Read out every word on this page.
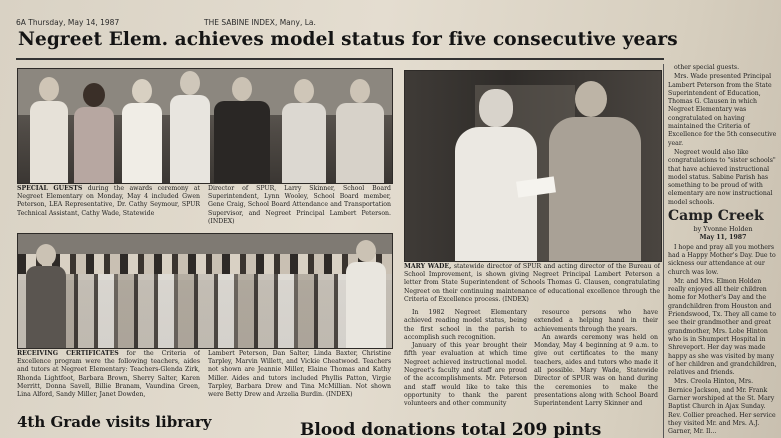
6A Thursday, May 14, 1987	THE SABINE INDEX, Many, La.
Negreet Elem. achieves model status for five consecutive years
SPECIAL GUESTS during the awards ceremony at Negreet Elementary on Monday, May 4 included Gwen Peterson, LEA Representative, Dr. Cathy Seymour, SPUR Technical Assistant, Cathy Wade, Statewide
Director of SPUR, Larry Skinner, School Board Superintendent, Lynn Wooley, School Board member, Gene Craig, School Board Attendance and Transportation Supervisor, and Negreet Principal Lambert Peterson. (INDEX)
RECEIVING CERTIFICATES for the Criteria of Excellence program were the following teachers, aides and tutors at Negreet Elementary: Teachers-Glenda Zirk, Rhonda Lightfoot, Barbara Brown, Sherry Salter, Karen Merritt, Donna Savell, Billie Branam, Vaundina Green, Lina Alford, Sandy Miller, Janet Dowden,
Lambert Peterson, Dan Salter, Linda Baxter, Christine Tarpley, Marvin Willett, and Vickie Cheatwood. Teachers not shown are Jeannie Miller, Elaine Thomas and Kathy Miller. Aides and tutors included Phyllis Patton, Virgie Tarpley, Barbara Drew and Tina McMillian. Not shown were Betty Drew and Arzelia Burdin. (INDEX)
MARY WADE, statewide director of SPUR and acting director of the Bureau of School Improvement, is shown giving Negreet Principal Lambert Peterson a letter from State Superintendent of Schools Thomas G. Clausen, congratulating Negreet on their continuing maintenance of educational excellence through the Criteria of Excellence process. (INDEX)

In 1982 Negreet Elementary achieved reading model status, being the first school in the parish to accomplish such recognition.

January of this year brought their fifth year evaluation at which time Negreet achieved instructional model. Negreet's faculty and staff are proud of the accomplishments. Mr. Peterson and staff would like to take this opportunity to thank the parent volunteers and other community

resource persons who have extended a helping hand in their achievements through the years.

An awards ceremony was held on Monday, May 4 beginning at 9 a.m. to give out certificates to the many teachers, aides and tutors who made it all possible. Mary Wade, Statewide Director of SPUR was on hand during the ceremonies to make the presentations along with School Board Superintendent Larry Skinner and

other special guests.

Mrs. Wade presented Principal Lambert Peterson from the State Superintendent of Education, Thomas G. Clausen in which Negreet Elementary was congratulated on having maintained the Criteria of Excellence for the 5th consecutive year.

Negreet would also like congratulations to "sister schools" that have achieved instructional model status. Sabine Parish has something to be proud of with elementary are now instructional model schools.

Camp Creek

by Yvonne Holden

May 11, 1987

I hope and pray all you mothers had a Happy Mother's Day. Due to sickness our attendance at our church was low.

Mr. and Mrs. Elmon Holden really enjoyed all their children home for Mother's Day and the grandchildren from Houston and Friendswood, Tx. They all came to see their grandmother and great grandmother, Mrs. Lobe Hinton who is in Shumpert Hospital in Shreveport. Her day was made happy as she was visited by many of her children and grandchildren, relatives and friends.

Mrs. Creola Hinton, Mrs. Bernice Jackson, and Mr. Frank Garner worshiped at the St. Mary Baptist Church in Ajax Sunday. Rev. Collier preached. Her service they visited Mr. and Mrs. A.J. Garner, Mr. Il...

4th Grade visits library	Blood donations total 209 pints
